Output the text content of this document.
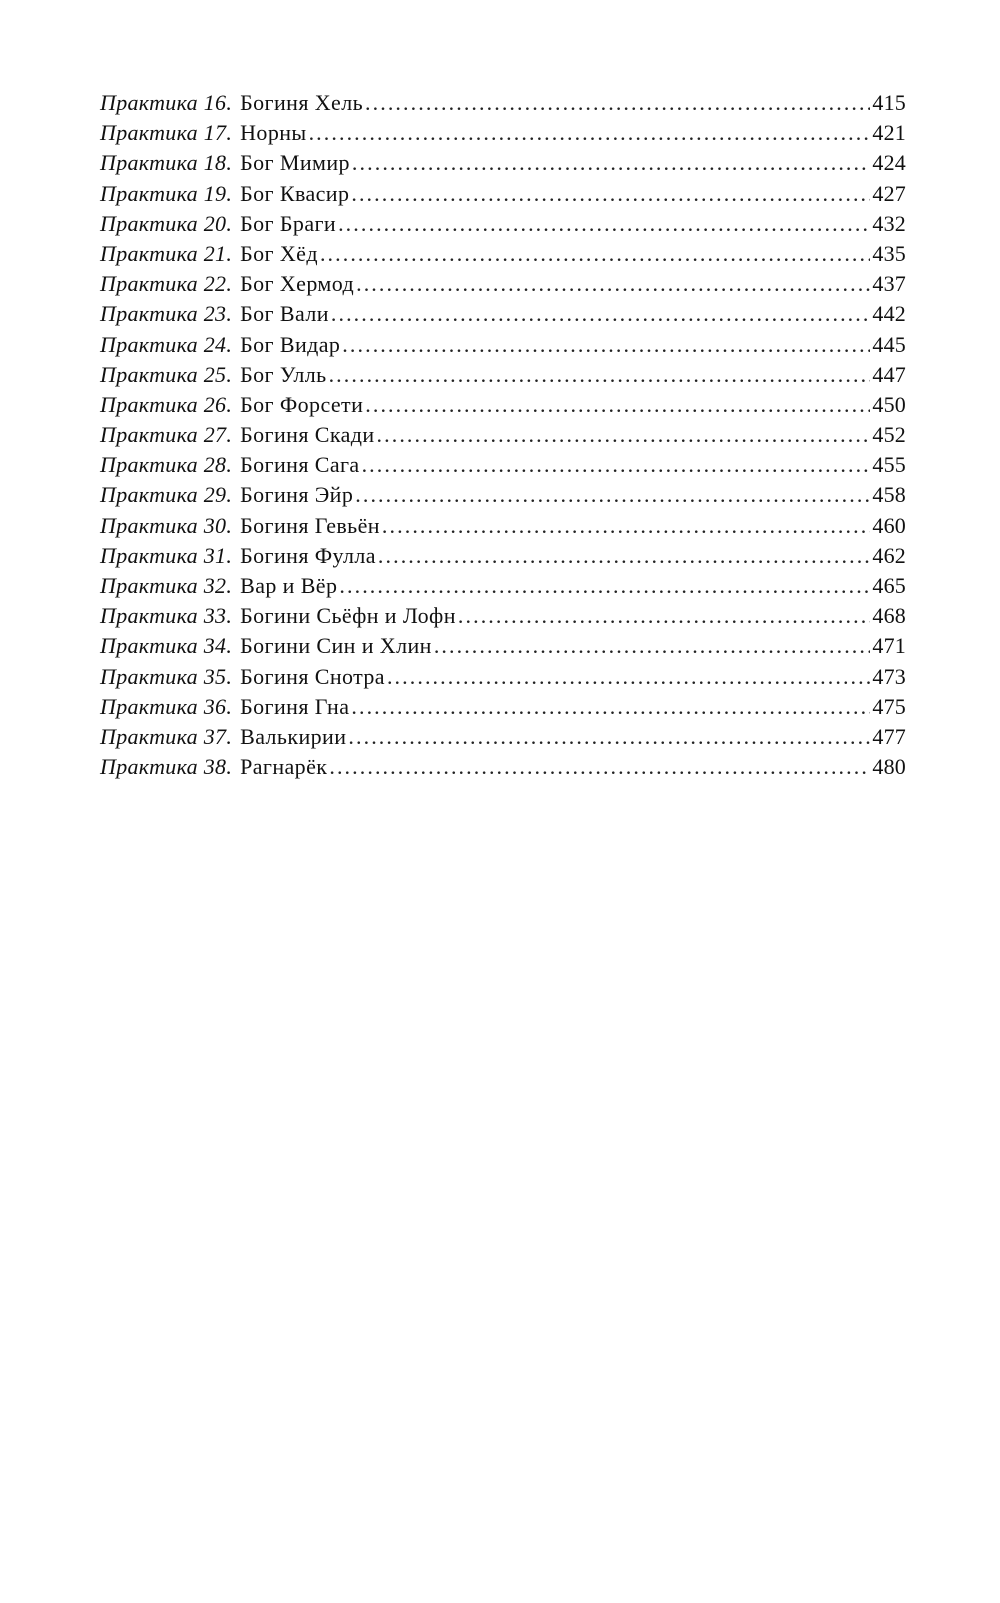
Практика 16. Богиня Хель .....	415
Практика 17. Норны .....	421
Практика 18. Бог Мимир .....	424
Практика 19. Бог Квасир .....	427
Практика 20. Бог Браги .....	432
Практика 21. Бог Хёд .....	435
Практика 22. Бог Хермод .....	437
Практика 23. Бог Вали .....	442
Практика 24. Бог Видар .....	445
Практика 25. Бог Улль .....	447
Практика 26. Бог Форсети .....	450
Практика 27. Богиня Скади .....	452
Практика 28. Богиня Сага .....	455
Практика 29. Богиня Эйр .....	458
Практика 30. Богиня Гевьён .....	460
Практика 31. Богиня Фулла .....	462
Практика 32. Вар и Вёр .....	465
Практика 33. Богини Сьёфн и Лофн .....	468
Практика 34. Богини Син и Хлин .....	471
Практика 35. Богиня Снотра .....	473
Практика 36. Богиня Гна .....	475
Практика 37. Валькирии .....	477
Практика 38. Рагнарёк .....	480
